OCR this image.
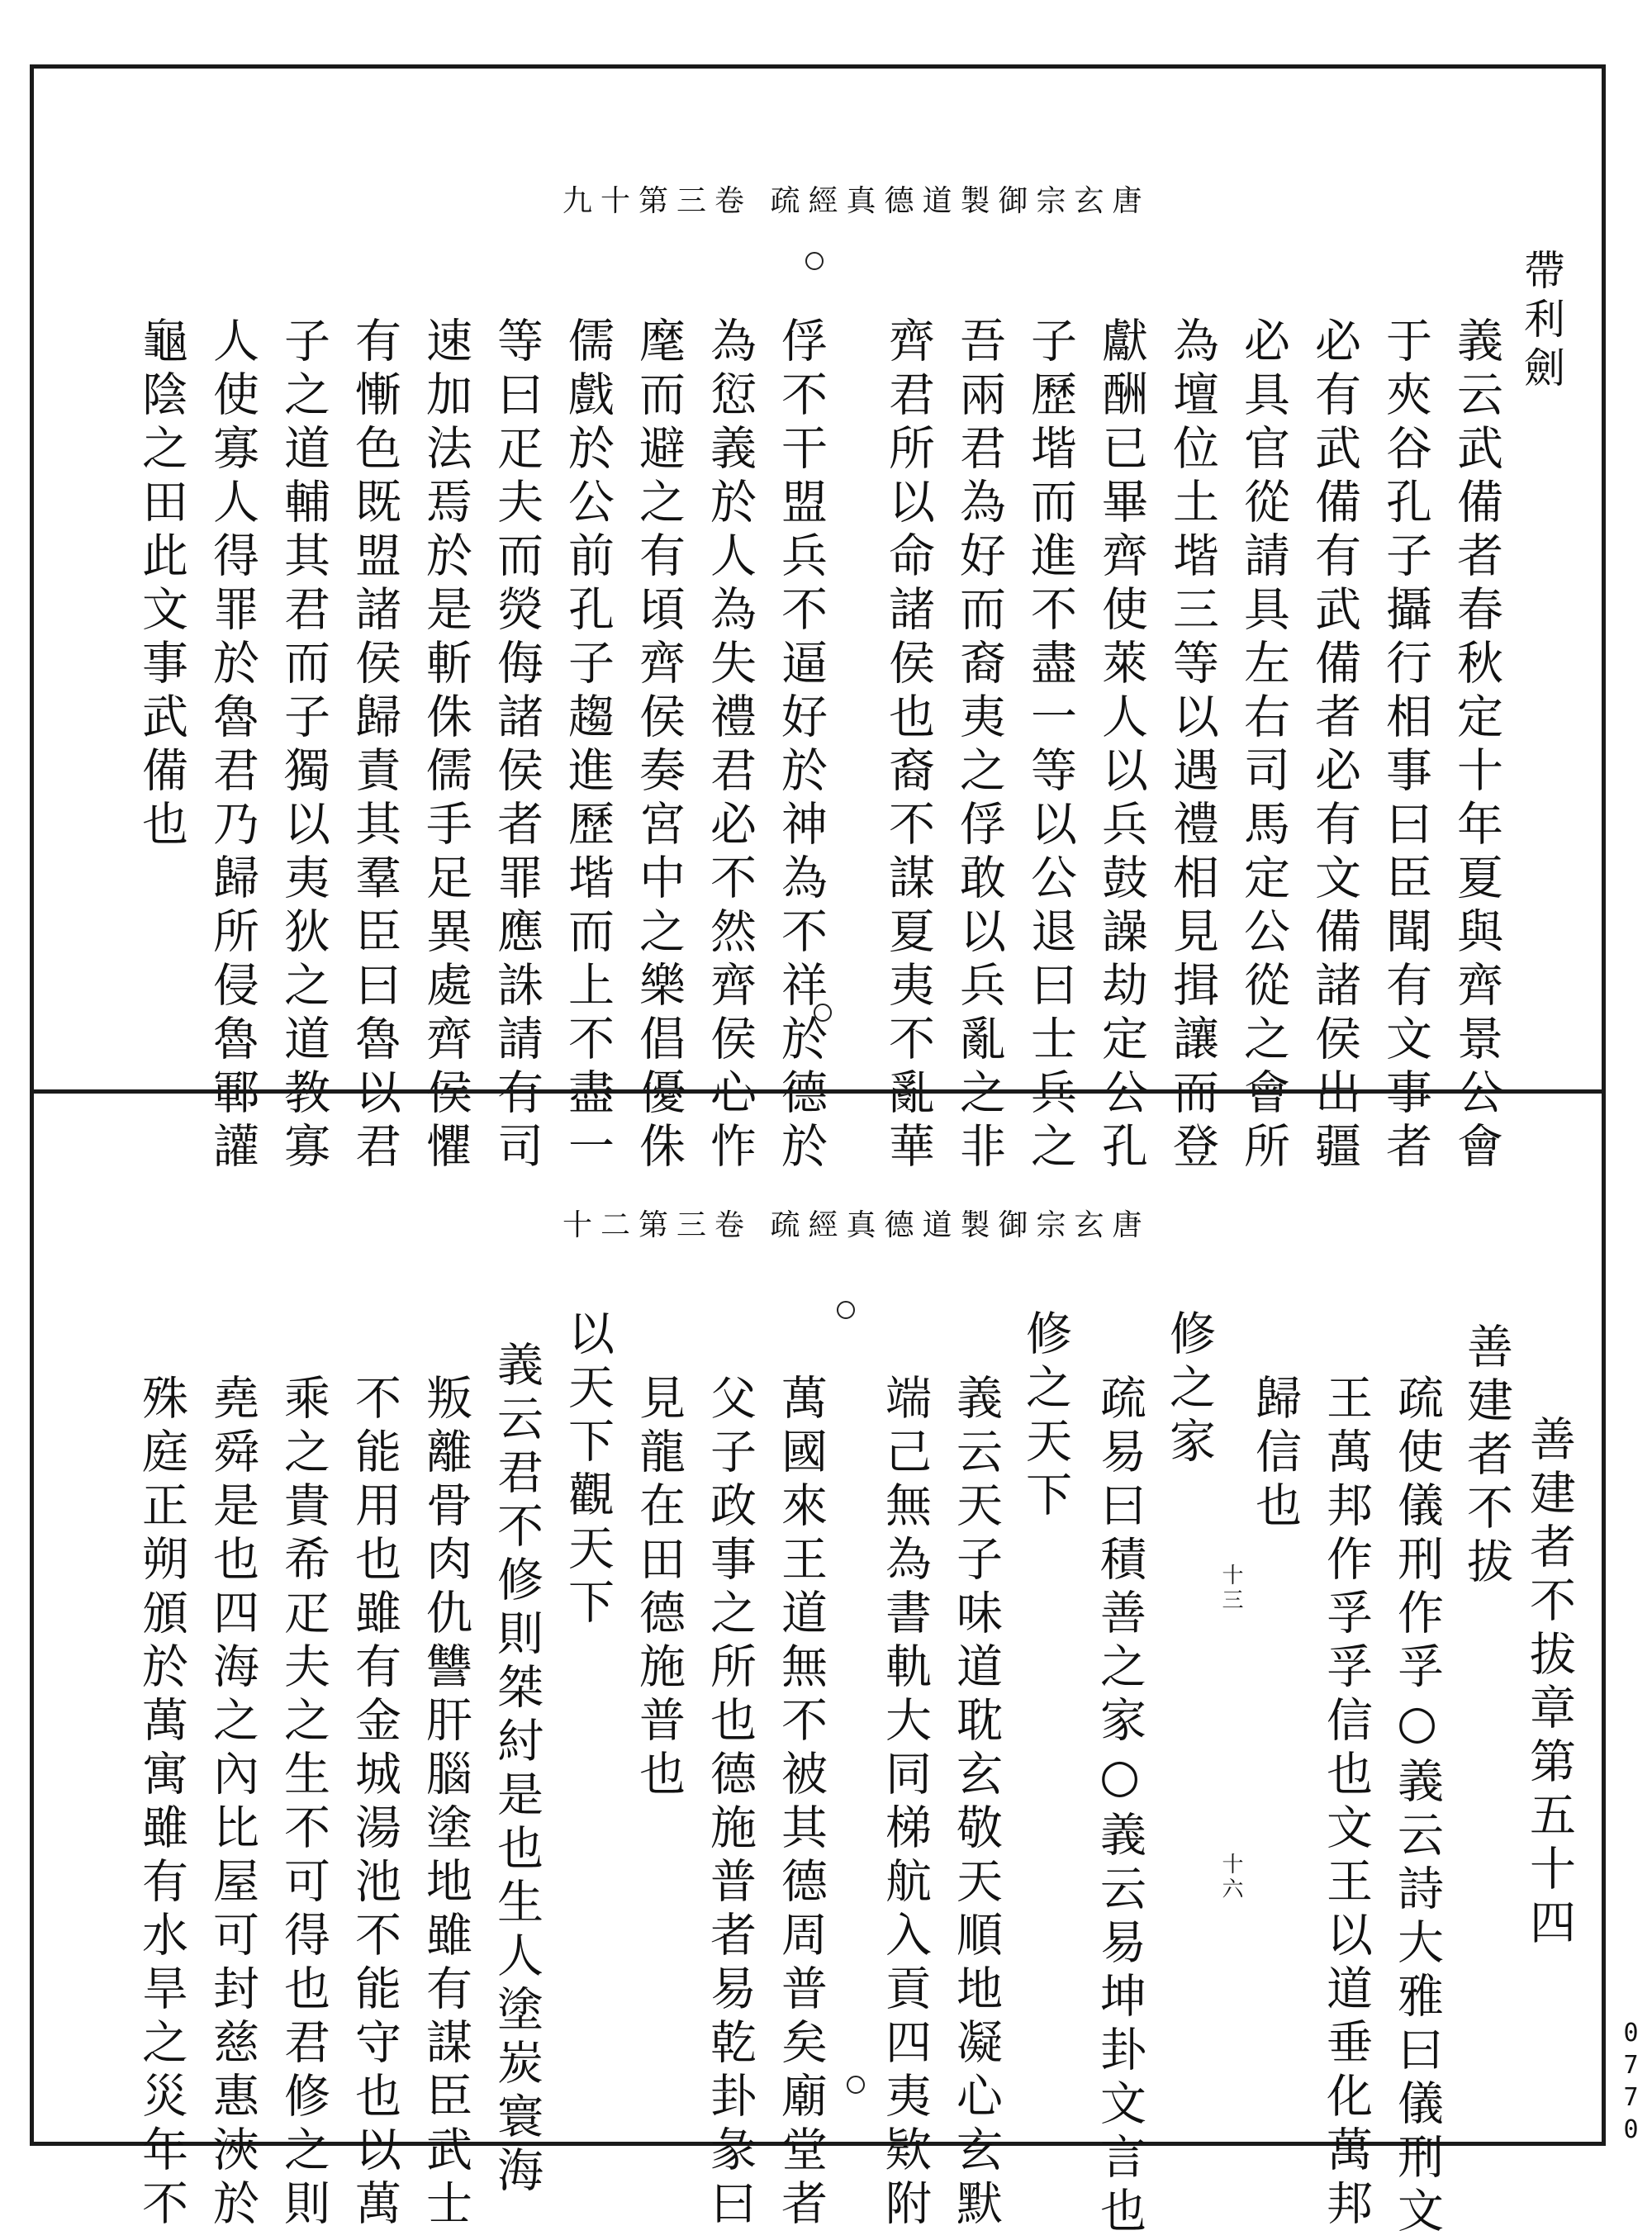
唐玄宗御製道德真經疏 卷三第十九
帶利劍
義云武備者春秋定十年夏與齊景公會
于夾谷孔子攝行相事曰臣聞有文事者
必有武備有武備者必有文備諸侯出疆
必具官從請具左右司馬定公從之會所
為壇位土堦三等以遇禮相見揖讓而登
獻酬已畢齊使萊人以兵鼓譟劫定公孔
子歷堦而進不盡一等以公退曰士兵之
吾兩君為好而裔夷之俘敢以兵亂之非
齊君所以命諸侯也裔不謀夏夷不亂華
俘不干盟兵不逼好於神為不祥於德於
為愆義於人為失禮君必不然齊侯心怍
麾而避之有頃齊侯奏宮中之樂倡優侏
儒戲於公前孔子趨進歷堦而上不盡一
等曰疋夫而熒侮諸侯者罪應誅請有司
速加法焉於是斬侏儒手足異處齊侯懼
有慚色既盟諸侯歸責其羣臣曰魯以君
子之道輔其君而子獨以夷狄之道教寡
人使寡人得罪於魯君乃歸所侵魯鄆讙
龜陰之田此文事武備也
唐玄宗御製道德真經疏 卷三第二十
善建者不拔章第五十四
善建者不拔
疏使儀刑作孚○義云詩大雅曰儀刑文
王萬邦作孚孚信也文王以道垂化萬邦
歸信也
修之家
疏易曰積善之家○義云易坤卦文言也
修之天下
義云天子味道耽玄敬天順地凝心玄默
端己無為書軌大同梯航入貢四夷欵附
萬國來王道無不被其德周普矣廟堂者
父子政事之所也德施普者易乾卦彖曰
見龍在田德施普也
以天下觀天下
義云君不修則桀紂是也生人塗炭寰海
叛離骨肉仇讐肝腦塗地雖有謀臣武士
不能用也雖有金城湯池不能守也以萬
乘之貴希疋夫之生不可得也君修之則
堯舜是也四海之內比屋可封慈惠浹於
殊庭正朔頒於萬寓雖有水旱之災年不	十三
十六
0770
